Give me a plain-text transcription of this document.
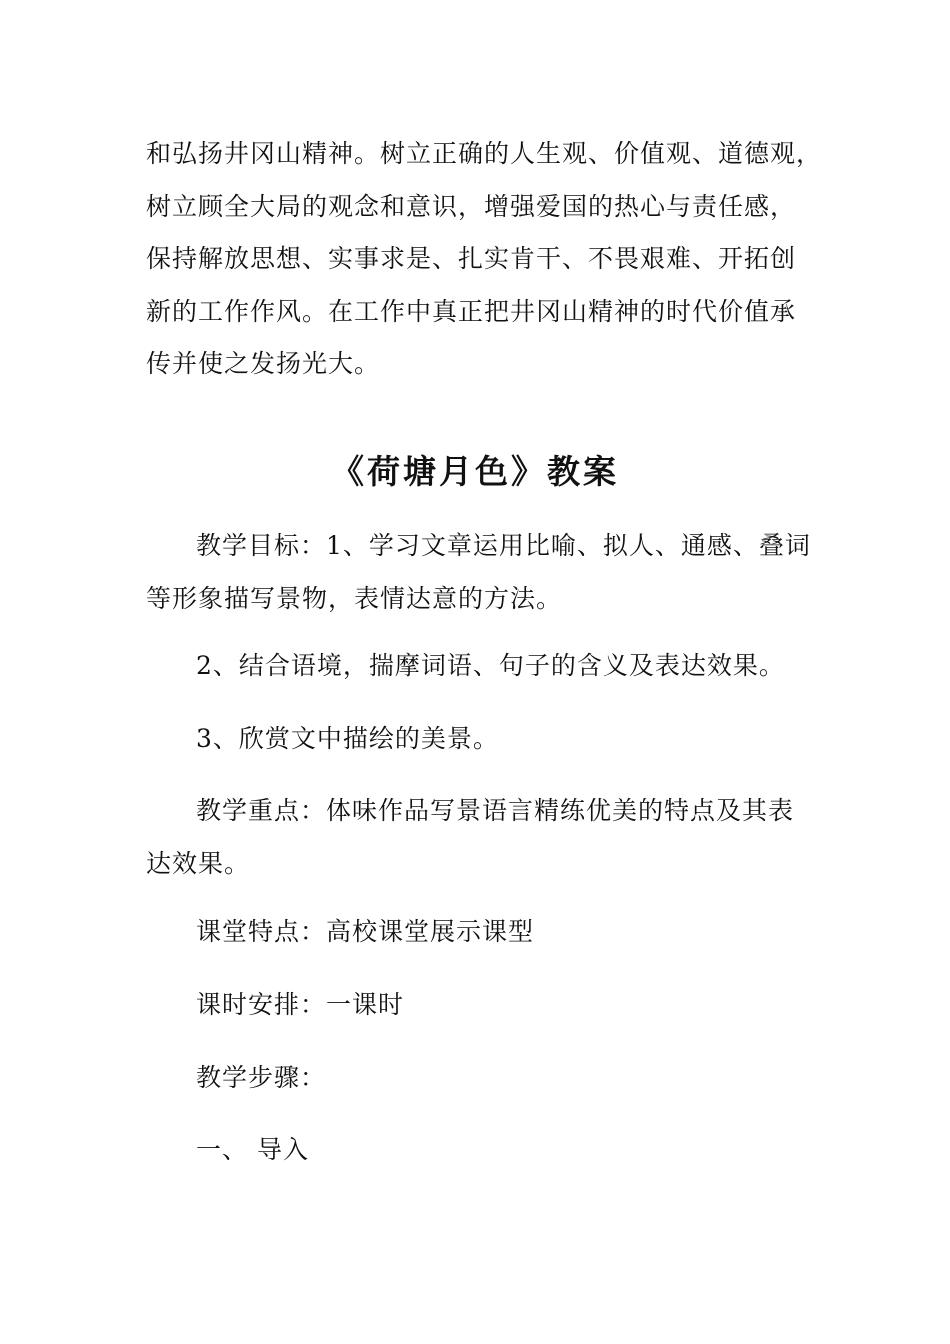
和弘扬井冈山精神。树立正确的人生观、价值观、道德观，
树立顾全大局的观念和意识，增强爱国的热心与责任感，
保持解放思想、实事求是、扎实肯干、不畏艰难、开拓创
新的工作作风。在工作中真正把井冈山精神的时代价值承
传并使之发扬光大。
《荷塘月色》教案
教学目标：1、学习文章运用比喻、拟人、通感、叠词
等形象描写景物，表情达意的方法。
2、结合语境，揣摩词语、句子的含义及表达效果。
3、欣赏文中描绘的美景。
教学重点：体味作品写景语言精练优美的特点及其表
达效果。
课堂特点：高校课堂展示课型
课时安排：一课时
教学步骤：
一、 导入
